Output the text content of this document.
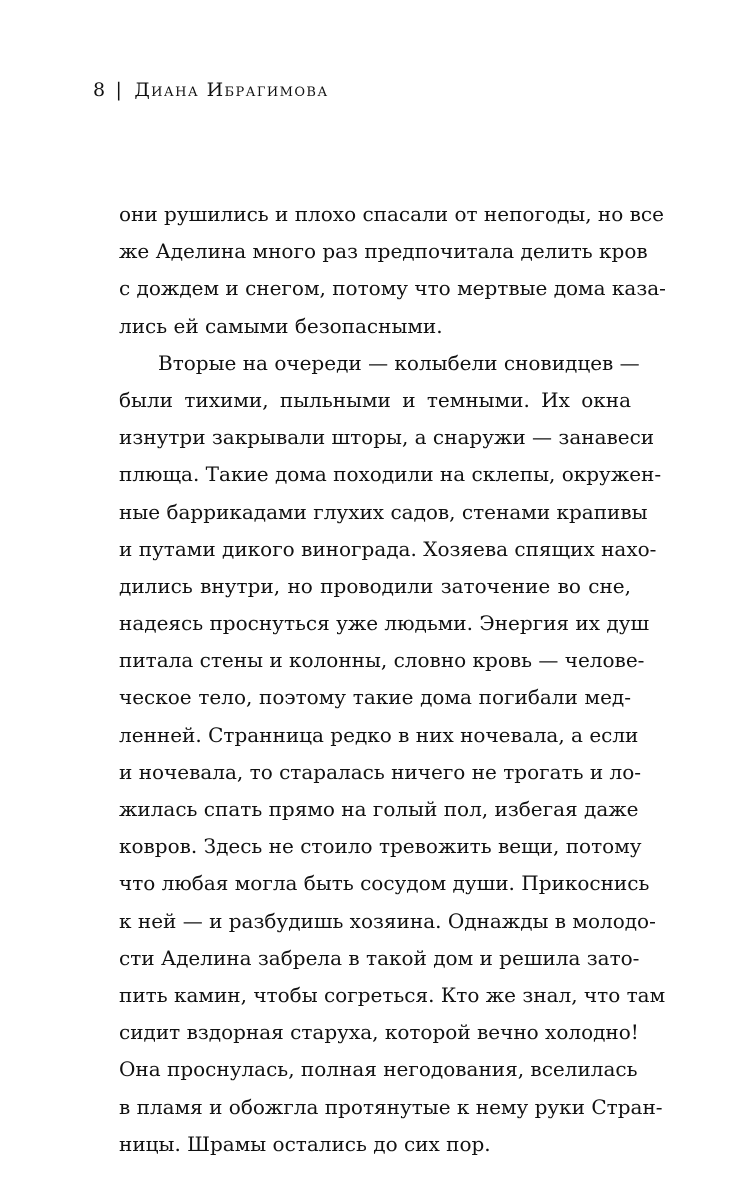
8 | Диана Ибрагимова
они рушились и плохо спасали от непогоды, но все
же Аделина много раз предпочитала делить кров
с дождем и снегом, потому что мертвые дома каза-
лись ей самыми безопасными.
Вторые на очереди — колыбели сновидцев —
были тихими, пыльными и темными. Их окна
изнутри закрывали шторы, а снаружи — занавеси
плюща. Такие дома походили на склепы, окружен-
ные баррикадами глухих садов, стенами крапивы
и путами дикого винограда. Хозяева спящих нахо-
дились внутри, но проводили заточение во сне,
надеясь проснуться уже людьми. Энергия их душ
питала стены и колонны, словно кровь — челове-
ческое тело, поэтому такие дома погибали мед-
ленней. Странница редко в них ночевала, а если
и ночевала, то старалась ничего не трогать и ло-
жилась спать прямо на голый пол, избегая даже
ковров. Здесь не стоило тревожить вещи, потому
что любая могла быть сосудом души. Прикоснись
к ней — и разбудишь хозяина. Однажды в молодо-
сти Аделина забрела в такой дом и решила зато-
пить камин, чтобы согреться. Кто же знал, что там
сидит вздорная старуха, которой вечно холодно!
Она проснулась, полная негодования, вселилась
в пламя и обожгла протянутые к нему руки Стран-
ницы. Шрамы остались до сих пор.
